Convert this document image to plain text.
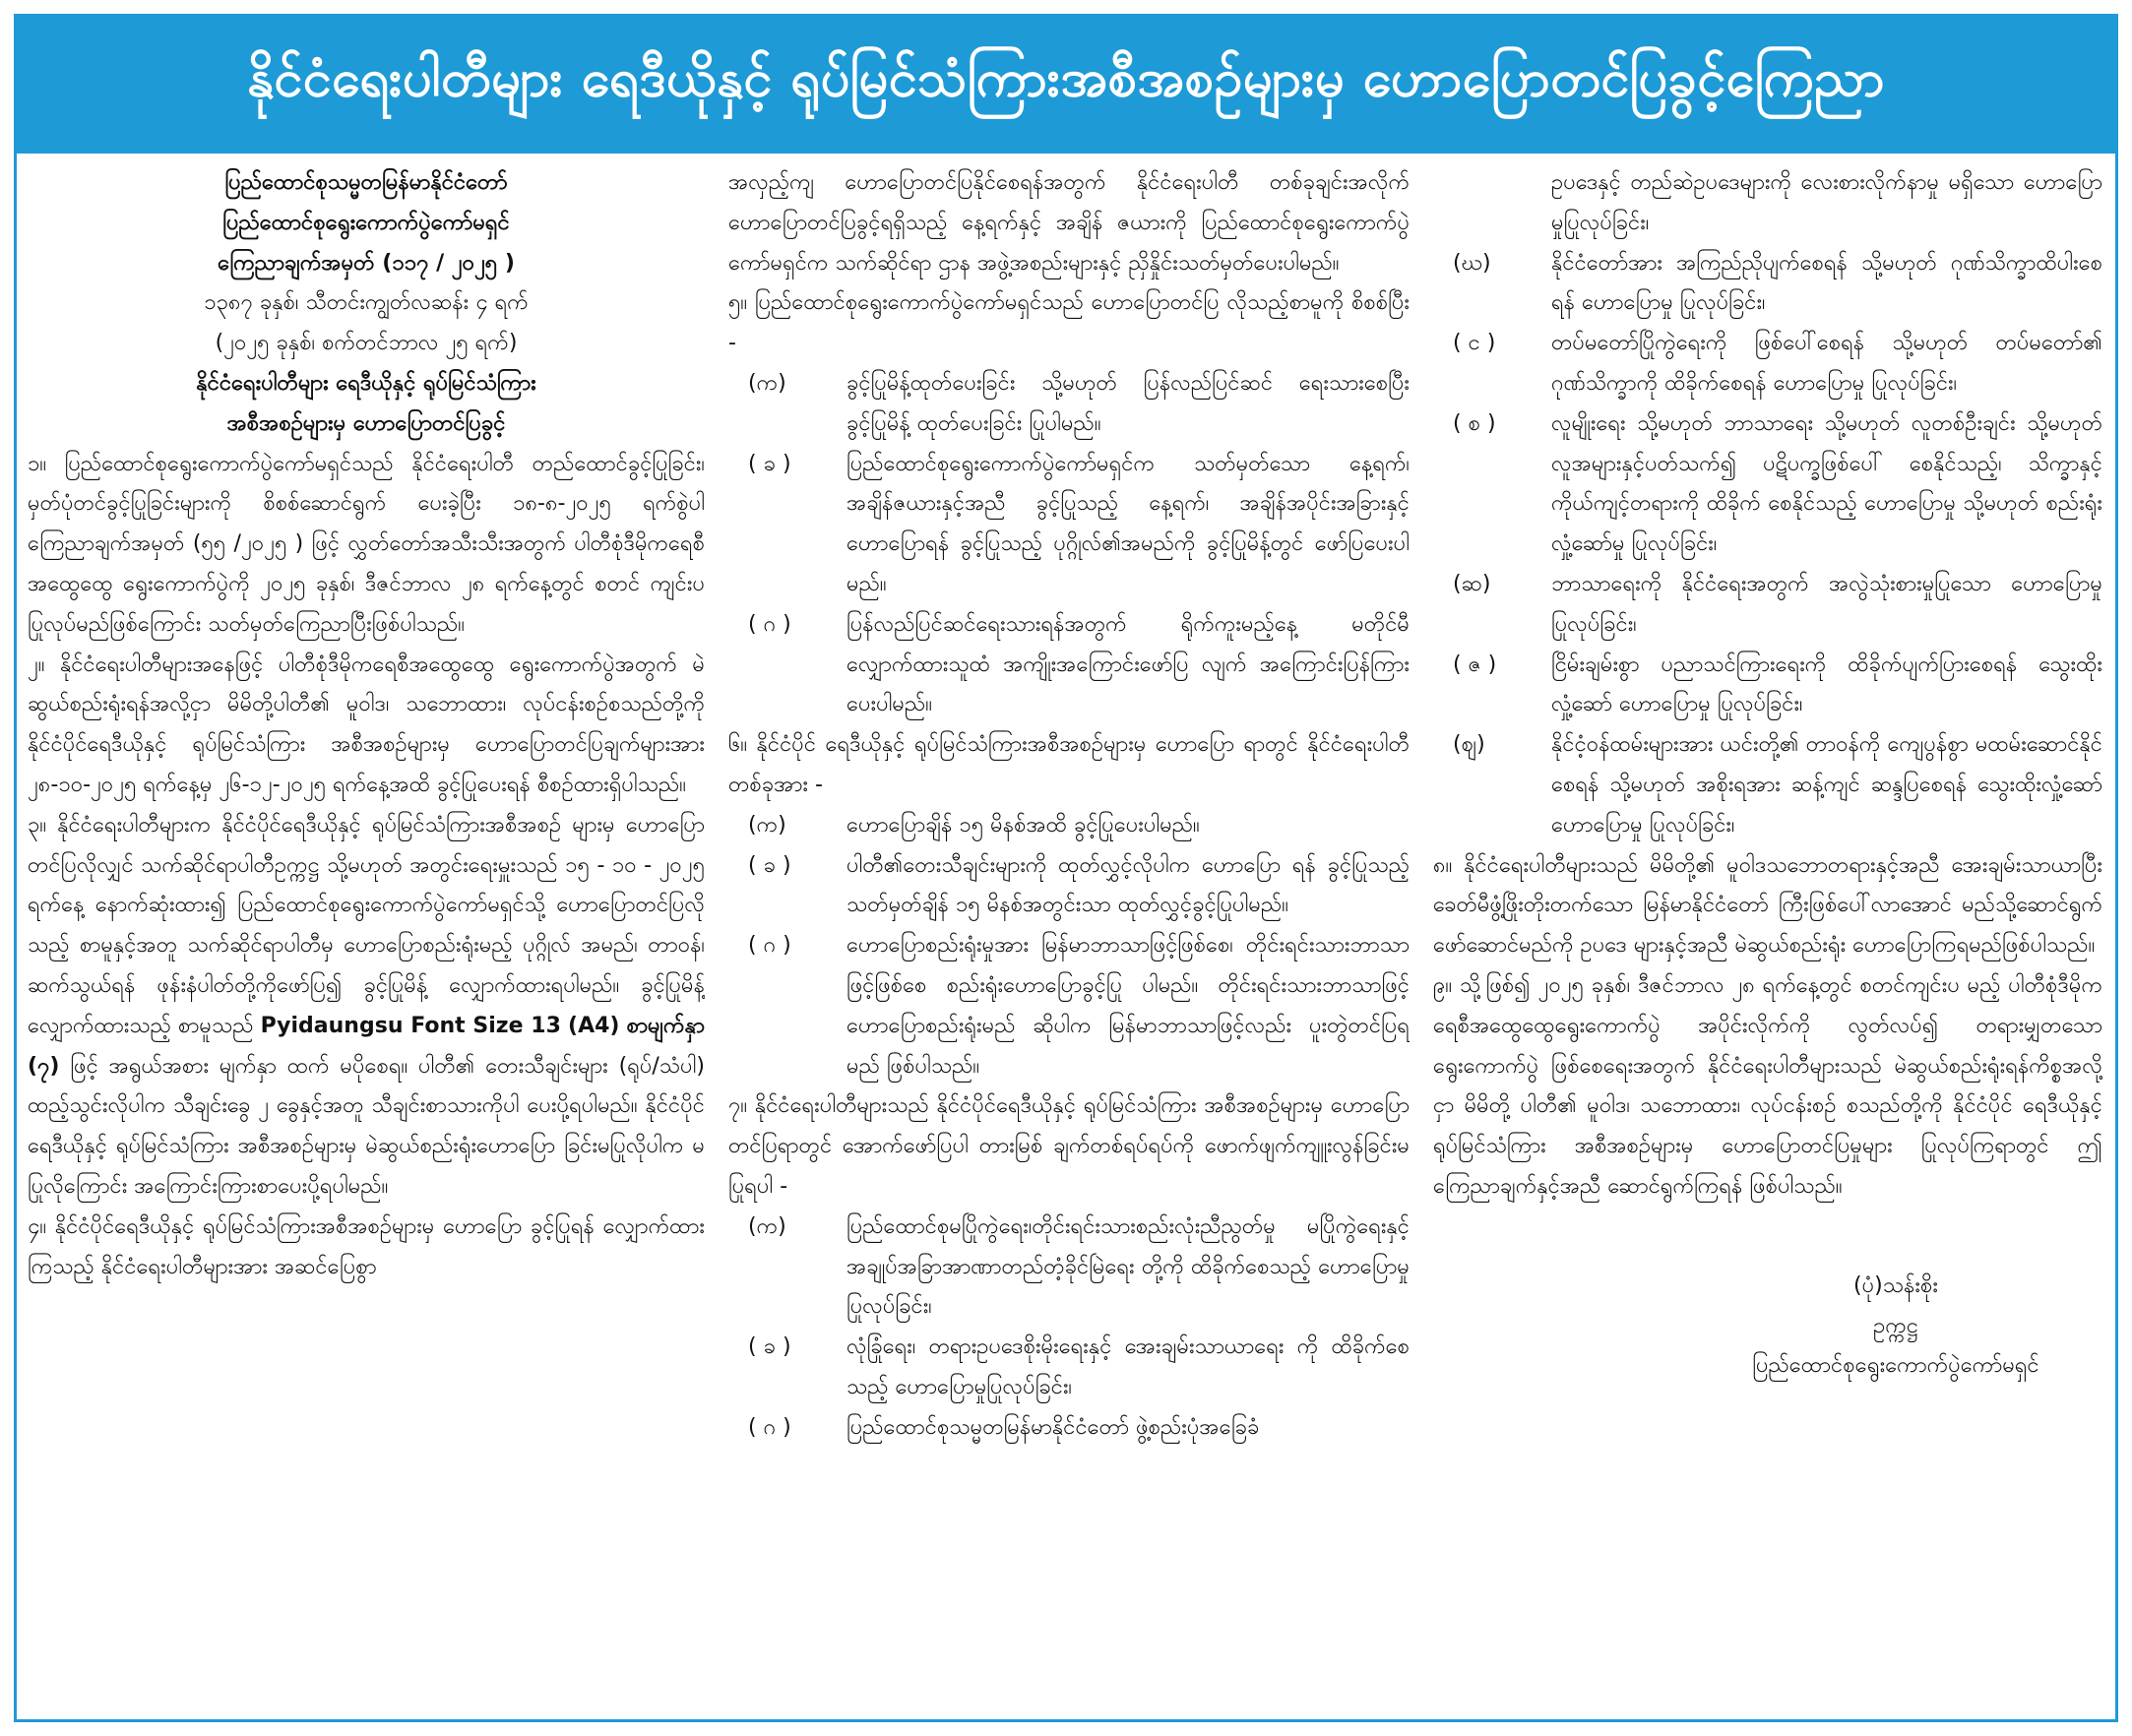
နိုင်ငံရေးပါတီများ ရေဒီယိုနှင့် ရုပ်မြင်သံကြားအစီအစဉ်များမှ ဟောပြောတင်ပြခွင့်ကြေညာ

ပြည်ထောင်စုသမ္မတမြန်မာနိုင်ငံတော်

ပြည်ထောင်စုရွေးကောက်ပွဲကော်မရှင်

ကြေညာချက်အမှတ် (၁၁၇ / ၂၀၂၅ )

၁၃၈၇ ခုနှစ်၊ သီတင်းကျွတ်လဆန်း ၄ ရက်

(၂၀၂၅ ခုနှစ်၊ စက်တင်ဘာလ ၂၅ ရက်)

နိုင်ငံရေးပါတီများ ရေဒီယိုနှင့် ရုပ်မြင်သံကြား

အစီအစဉ်များမှ ဟောပြောတင်ပြခွင့်

၁။ ပြည်ထောင်စုရွေးကောက်ပွဲကော်မရှင်သည် နိုင်ငံရေးပါတီ တည်ထောင်ခွင့်ပြုခြင်း၊ မှတ်ပုံတင်ခွင့်ပြုခြင်းများကို စိစစ်ဆောင်ရွက် ပေးခဲ့ပြီး ၁၈-၈-၂၀၂၅ ရက်စွဲပါ ကြေညာချက်အမှတ် (၅၅ /၂၀၂၅ ) ဖြင့် လွှတ်တော်အသီးသီးအတွက် ပါတီစုံဒီမိုကရေစီအထွေထွေ ရွေးကောက်ပွဲကို ၂၀၂၅ ခုနှစ်၊ ဒီဇင်ဘာလ ၂၈ ရက်နေ့တွင် စတင် ကျင်းပပြုလုပ်မည်ဖြစ်ကြောင်း သတ်မှတ်ကြေညာပြီးဖြစ်ပါသည်။

၂။ နိုင်ငံရေးပါတီများအနေဖြင့် ပါတီစုံဒီမိုကရေစီအထွေထွေ ရွေးကောက်ပွဲအတွက် မဲဆွယ်စည်းရုံးရန်အလို့ငှာ မိမိတို့ပါတီ၏ မူဝါဒ၊ သဘောထား၊ လုပ်ငန်းစဉ်စသည်တို့ကို နိုင်ငံပိုင်ရေဒီယိုနှင့် ရုပ်မြင်သံကြား အစီအစဉ်များမှ ဟောပြောတင်ပြချက်များအား ၂၈-၁၀-၂၀၂၅ ရက်နေ့မှ ၂၆-၁၂-၂၀၂၅ ရက်နေ့အထိ ခွင့်ပြုပေးရန် စီစဉ်ထားရှိပါသည်။

၃။ နိုင်ငံရေးပါတီများက နိုင်ငံပိုင်ရေဒီယိုနှင့် ရုပ်မြင်သံကြားအစီအစဉ် များမှ ဟောပြော တင်ပြလိုလျှင် သက်ဆိုင်ရာပါတီဥက္ကဋ္ဌ သို့မဟုတ် အတွင်းရေးမှူးသည် ၁၅ - ၁၀ - ၂၀၂၅ ရက်နေ့ နောက်ဆုံးထား၍ ပြည်ထောင်စုရွေးကောက်ပွဲကော်မရှင်သို့ ဟောပြောတင်ပြလိုသည့် စာမူနှင့်အတူ သက်ဆိုင်ရာပါတီမှ ဟောပြောစည်းရုံးမည့် ပုဂ္ဂိုလ် အမည်၊ တာဝန်၊ ဆက်သွယ်ရန် ဖုန်းနံပါတ်တို့ကိုဖော်ပြ၍ ခွင့်ပြုမိန့် လျှောက်ထားရပါမည်။ ခွင့်ပြုမိန့် လျှောက်ထားသည့် စာမူသည် Pyidaungsu Font Size 13 (A4) စာမျက်နှာ (၇) ဖြင့် အရွယ်အစား မျက်နှာ ထက် မပိုစေရ။ ပါတီ၏ တေးသီချင်းများ (ရုပ်/သံပါ) ထည့်သွင်းလိုပါက သီချင်းခွေ ၂ ခွေနှင့်အတူ သီချင်းစာသားကိုပါ ပေးပို့ရပါမည်။ နိုင်ငံပိုင် ရေဒီယိုနှင့် ရုပ်မြင်သံကြား အစီအစဉ်များမှ မဲဆွယ်စည်းရုံးဟောပြော ခြင်းမပြုလိုပါက မပြုလိုကြောင်း အကြောင်းကြားစာပေးပို့ရပါမည်။

၄။ နိုင်ငံပိုင်ရေဒီယိုနှင့် ရုပ်မြင်သံကြားအစီအစဉ်များမှ ဟောပြော ခွင့်ပြုရန် လျှောက်ထားကြသည့် နိုင်ငံရေးပါတီများအား အဆင်ပြေစွာ

အလှည့်ကျ ဟောပြောတင်ပြနိုင်စေရန်အတွက် နိုင်ငံရေးပါတီ တစ်ခုချင်းအလိုက် ဟောပြောတင်ပြခွင့်ရရှိသည့် နေ့ရက်နှင့် အချိန် ဇယားကို ပြည်ထောင်စုရွေးကောက်ပွဲကော်မရှင်က သက်ဆိုင်ရာ ဌာန အဖွဲ့အစည်းများနှင့် ညှိနှိုင်းသတ်မှတ်ပေးပါမည်။

၅။ ပြည်ထောင်စုရွေးကောက်ပွဲကော်မရှင်သည် ဟောပြောတင်ပြ လိုသည့်စာမူကို စိစစ်ပြီး -

(က)	ခွင့်ပြုမိန့်ထုတ်ပေးခြင်း သို့မဟုတ် ပြန်လည်ပြင်ဆင် ရေးသားစေပြီး ခွင့်ပြုမိန့် ထုတ်ပေးခြင်း ပြုပါမည်။
( ခ )	ပြည်ထောင်စုရွေးကောက်ပွဲကော်မရှင်က သတ်မှတ်သော နေ့ရက်၊ အချိန်ဇယားနှင့်အညီ ခွင့်ပြုသည့် နေ့ရက်၊ အချိန်အပိုင်းအခြားနှင့် ဟောပြောရန် ခွင့်ပြုသည့် ပုဂ္ဂိုလ်၏အမည်ကို ခွင့်ပြုမိန့်တွင် ဖော်ပြပေးပါမည်။
( ဂ )	ပြန်လည်ပြင်ဆင်ရေးသားရန်အတွက် ရိုက်ကူးမည့်နေ့ မတိုင်မီ လျှောက်ထားသူထံ အကျိုးအကြောင်းဖော်ပြ လျက် အကြောင်းပြန်ကြားပေးပါမည်။

၆။ နိုင်ငံပိုင် ရေဒီယိုနှင့် ရုပ်မြင်သံကြားအစီအစဉ်များမှ ဟောပြော ရာတွင် နိုင်ငံရေးပါတီ တစ်ခုအား -

(က)	ဟောပြောချိန် ၁၅ မိနစ်အထိ ခွင့်ပြုပေးပါမည်။
( ခ )	ပါတီ၏တေးသီချင်းများကို ထုတ်လွှင့်လိုပါက ဟောပြော ရန် ခွင့်ပြုသည့် သတ်မှတ်ချိန် ၁၅ မိနစ်အတွင်းသာ ထုတ်လွှင့်ခွင့်ပြုပါမည်။
( ဂ )	ဟောပြောစည်းရုံးမှုအား မြန်မာဘာသာဖြင့်ဖြစ်စေ၊ တိုင်းရင်းသားဘာသာဖြင့်ဖြစ်စေ စည်းရုံးဟောပြောခွင့်ပြု ပါမည်။ တိုင်းရင်းသားဘာသာဖြင့် ဟောပြောစည်းရုံးမည် ဆိုပါက မြန်မာဘာသာဖြင့်လည်း ပူးတွဲတင်ပြရမည် ဖြစ်ပါသည်။

၇။ နိုင်ငံရေးပါတီများသည် နိုင်ငံပိုင်ရေဒီယိုနှင့် ရုပ်မြင်သံကြား အစီအစဉ်များမှ ဟောပြောတင်ပြရာတွင် အောက်ဖော်ပြပါ တားမြစ် ချက်တစ်ရပ်ရပ်ကို ဖောက်ဖျက်ကျူးလွန်ခြင်းမပြုရပါ -

(က)	ပြည်ထောင်စုမပြိုကွဲရေး၊တိုင်းရင်းသားစည်းလုံးညီညွတ်မှု မပြိုကွဲရေးနှင့် အချုပ်အခြာအာဏာတည်တံ့ခိုင်မြဲရေး တို့ကို ထိခိုက်စေသည့် ဟောပြောမှု ပြုလုပ်ခြင်း၊
( ခ )	လုံခြုံရေး၊ တရားဥပဒေစိုးမိုးရေးနှင့် အေးချမ်းသာယာရေး ကို ထိခိုက်စေသည့် ဟောပြောမှုပြုလုပ်ခြင်း၊
( ဂ )	ပြည်ထောင်စုသမ္မတမြန်မာနိုင်ငံတော် ဖွဲ့စည်းပုံအခြေခံ
ဥပဒေနှင့် တည်ဆဲဥပဒေများကို လေးစားလိုက်နာမှု မရှိသော ဟောပြောမှုပြုလုပ်ခြင်း၊
(ဃ)	နိုင်ငံတော်အား အကြည်ညိုပျက်စေရန် သို့မဟုတ် ဂုဏ်သိက္ခာထိပါးစေရန် ဟောပြောမှု ပြုလုပ်ခြင်း၊
( င )	တပ်မတော်ပြိုကွဲရေးကို ဖြစ်ပေါ်စေရန် သို့မဟုတ် တပ်မတော်၏ ဂုဏ်သိက္ခာကို ထိခိုက်စေရန် ဟောပြောမှု ပြုလုပ်ခြင်း၊
( စ )	လူမျိုးရေး သို့မဟုတ် ဘာသာရေး သို့မဟုတ် လူတစ်ဦးချင်း သို့မဟုတ် လူအများနှင့်ပတ်သက်၍ ပဋိပက္ခဖြစ်ပေါ် စေနိုင်သည့်၊ သိက္ခာနှင့် ကိုယ်ကျင့်တရားကို ထိခိုက် စေနိုင်သည့် ဟောပြောမှု သို့မဟုတ် စည်းရုံးလှုံ့ဆော်မှု ပြုလုပ်ခြင်း၊
(ဆ)	ဘာသာရေးကို နိုင်ငံရေးအတွက် အလွဲသုံးစားမှုပြုသော ဟောပြောမှုပြုလုပ်ခြင်း၊
( ဇ )	ငြိမ်းချမ်းစွာ ပညာသင်ကြားရေးကို ထိခိုက်ပျက်ပြားစေရန် သွေးထိုးလှုံ့ဆော် ဟောပြောမှု ပြုလုပ်ခြင်း၊
(ဈ)	နိုင်ငံ့ဝန်ထမ်းများအား ယင်းတို့၏ တာဝန်ကို ကျေပွန်စွာ မထမ်းဆောင်နိုင်စေရန် သို့မဟုတ် အစိုးရအား ဆန့်ကျင် ဆန္ဒပြစေရန် သွေးထိုးလှုံ့ဆော် ဟောပြောမှု ပြုလုပ်ခြင်း၊

၈။ နိုင်ငံရေးပါတီများသည် မိမိတို့၏ မူဝါဒသဘောတရားနှင့်အညီ အေးချမ်းသာယာပြီး ခေတ်မီဖွံ့ဖြိုးတိုးတက်သော မြန်မာနိုင်ငံတော် ကြီးဖြစ်ပေါ်လာအောင် မည်သို့ဆောင်ရွက်ဖော်ဆောင်မည်ကို ဥပဒေ များနှင့်အညီ မဲဆွယ်စည်းရုံး ဟောပြောကြရမည်ဖြစ်ပါသည်။

၉။ သို့ဖြစ်၍ ၂၀၂၅ ခုနှစ်၊ ဒီဇင်ဘာလ ၂၈ ရက်နေ့တွင် စတင်ကျင်းပ မည့် ပါတီစုံဒီမိုကရေစီအထွေထွေရွေးကောက်ပွဲ အပိုင်းလိုက်ကို လွတ်လပ်၍ တရားမျှတသော ရွေးကောက်ပွဲ ဖြစ်စေရေးအတွက် နိုင်ငံရေးပါတီများသည် မဲဆွယ်စည်းရုံးရန်ကိစ္စအလို့ငှာ မိမိတို့ ပါတီ၏ မူဝါဒ၊ သဘောထား၊ လုပ်ငန်းစဉ် စသည်တို့ကို နိုင်ငံပိုင် ရေဒီယိုနှင့် ရုပ်မြင်သံကြား အစီအစဉ်များမှ ဟောပြောတင်ပြမှုများ ပြုလုပ်ကြရာတွင် ဤကြေညာချက်နှင့်အညီ ဆောင်ရွက်ကြရန် ဖြစ်ပါသည်။

(ပုံ)သန်းစိုး

ဥက္ကဋ္ဌ

ပြည်ထောင်စုရွေးကောက်ပွဲကော်မရှင်
